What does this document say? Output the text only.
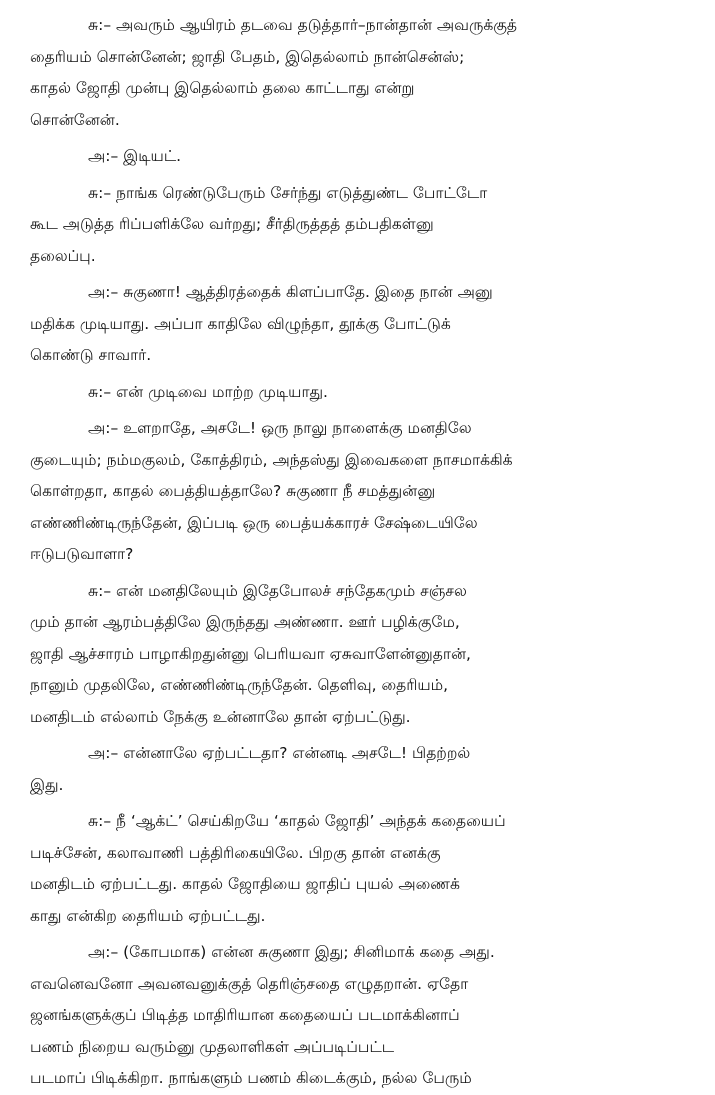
சு:– அவரும் ஆயிரம் தடவை தடுத்தார்–நான்தான் அவருக்குத்
தைரியம் சொன்னேன்; ஜாதி பேதம், இதெல்லாம் நான்சென்ஸ்;
காதல் ஜோதி முன்பு இதெல்லாம் தலை காட்டாது என்று
சொன்னேன்.
அ:– இடியட்.
சு:– நாங்க ரெண்டுபேரும் சேர்ந்து எடுத்துண்ட போட்டோ
கூட அடுத்த ரிப்பளிக்லே வர்றது; சீர்திருத்தத் தம்பதிகள்னு
தலைப்பு.
அ:– சுகுணா! ஆத்திரத்தைக் கிளப்பாதே. இதை நான் அனு
மதிக்க முடியாது. அப்பா காதிலே விழுந்தா, தூக்கு போட்டுக்
கொண்டு சாவார்.
சு:– என் முடிவை மாற்ற முடியாது.
அ:– உளறாதே, அசடே! ஒரு நாலு நாளைக்கு மனதிலே
குடையும்; நம்மகுலம், கோத்திரம், அந்தஸ்து இவைகளை நாசமாக்கிக்
கொள்றதா, காதல் பைத்தியத்தாலே? சுகுணா நீ சமத்துன்னு
எண்ணிண்டிருந்தேன், இப்படி ஒரு பைத்யக்காரச் சேஷ்டையிலே
ஈடுபடுவாளா?
சு:– என் மனதிலேயும் இதேபோலச் சந்தேகமும் சஞ்சல
மும் தான் ஆரம்பத்திலே இருந்தது அண்ணா. ஊர் பழிக்குமே,
ஜாதி ஆச்சாரம் பாழாகிறதுன்னு பெரியவா ஏசுவாளேன்னுதான்,
நானும் முதலிலே, எண்ணிண்டிருந்தேன். தெளிவு, தைரியம்,
மனதிடம் எல்லாம் நேக்கு உன்னாலே தான் ஏற்பட்டுது.
அ:– என்னாலே ஏற்பட்டதா? என்னடி அசடே! பிதற்றல்
இது.
சு:– நீ ‘ஆக்ட்’ செய்கிறயே ‘காதல் ஜோதி’ அந்தக் கதையைப்
படிச்சேன், கலாவாணி பத்திரிகையிலே. பிறகு தான் எனக்கு
மனதிடம் ஏற்பட்டது. காதல் ஜோதியை ஜாதிப் புயல் அணைக்
காது என்கிற தைரியம் ஏற்பட்டது.
அ:– (கோபமாக) என்ன சுகுணா இது; சினிமாக் கதை அது.
எவனெவனோ அவனவனுக்குத் தெரிஞ்சதை எழுதறான். ஏதோ
ஜனங்களுக்குப் பிடித்த மாதிரியான கதையைப் படமாக்கினாப்
பணம் நிறைய வரும்னு முதலாளிகள் அப்படிப்பட்ட
படமாப் பிடிக்கிறா. நாங்களும் பணம் கிடைக்கும், நல்ல பேரும்
